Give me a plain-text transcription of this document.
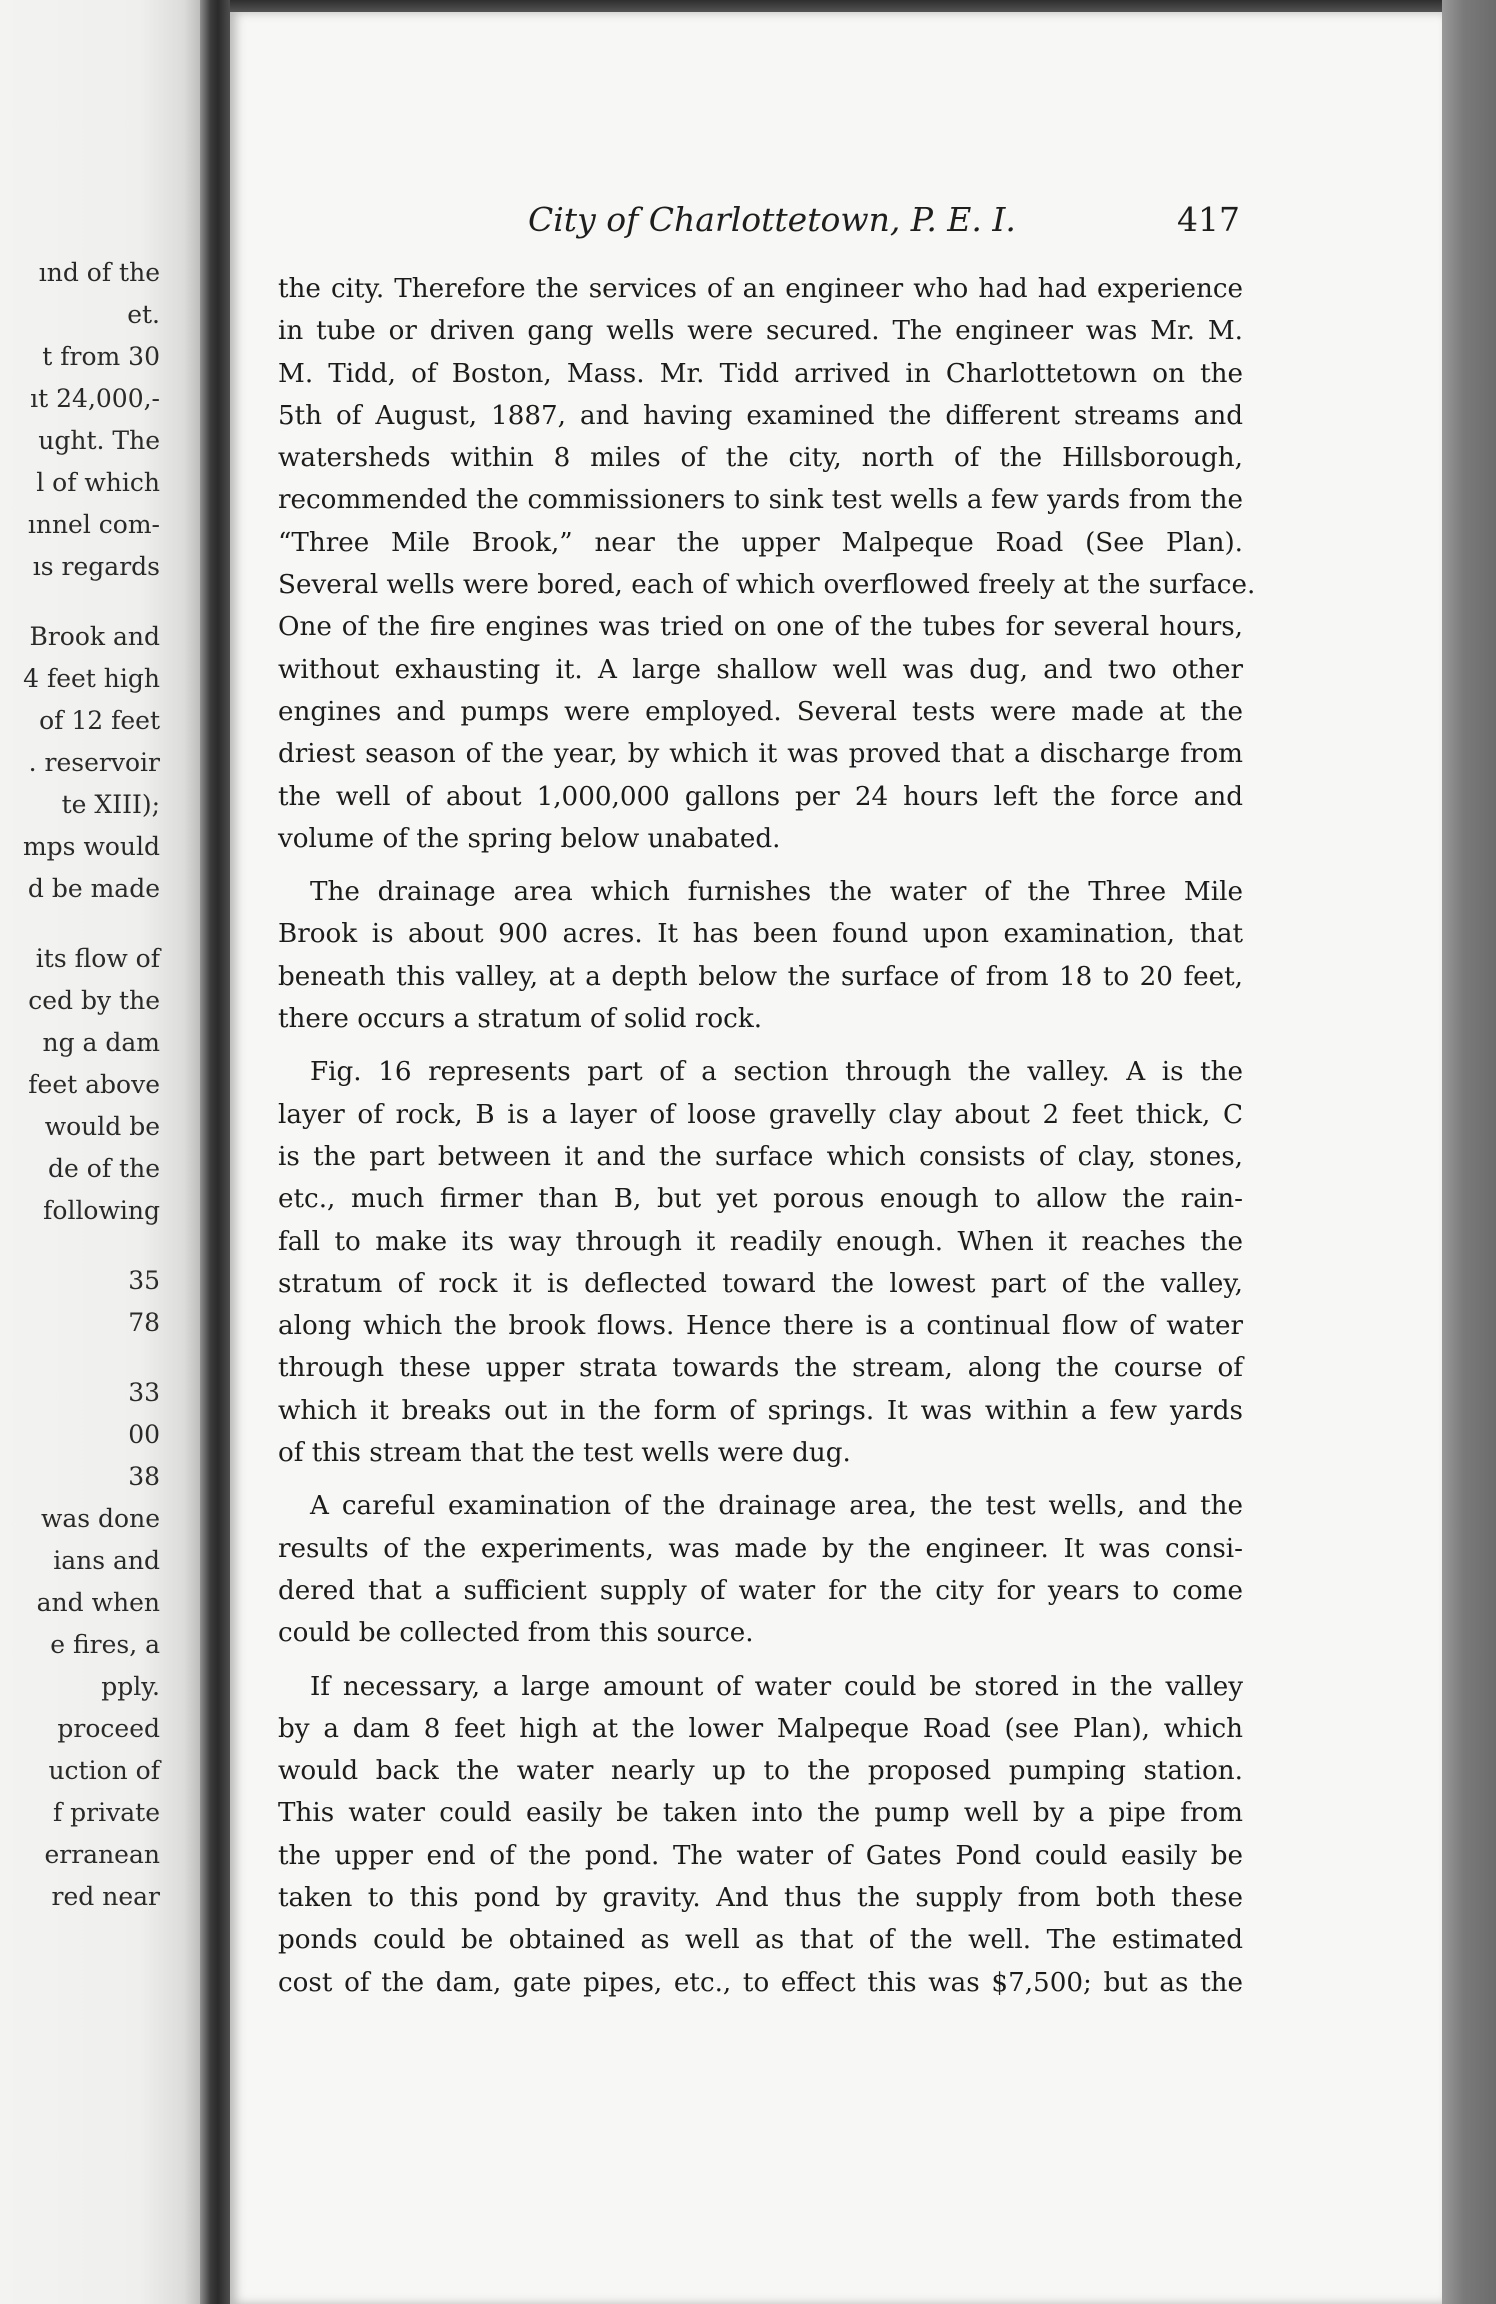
ınd of the
et.
t from 30
ıt 24,000,-
ught. The
l of which
ınnel com-
ıs regards
Brook and
4 feet high
of 12 feet
. reservoir
te XIII);
mps would
d be made
its flow of
ced by the
ng a dam
feet above
would be
de of the
following
35
78
33
00
38
was done
ians and
and when
e fires, a
pply.
proceed
uction of
f private
erranean
red near
City of Charlottetown, P. E. I.	417

the city. Therefore the services of an engineer who had had experience
in tube or driven gang wells were secured. The engineer was Mr. M.
M. Tidd, of Boston, Mass. Mr. Tidd arrived in Charlottetown on the
5th of August, 1887, and having examined the different streams and
watersheds within 8 miles of the city, north of the Hillsborough,
recommended the commissioners to sink test wells a few yards from the
“Three Mile Brook,” near the upper Malpeque Road (See Plan).
Several wells were bored, each of which overflowed freely at the surface.
One of the fire engines was tried on one of the tubes for several hours,
without exhausting it. A large shallow well was dug, and two other
engines and pumps were employed. Several tests were made at the
driest season of the year, by which it was proved that a discharge from
the well of about 1,000,000 gallons per 24 hours left the force and
volume of the spring below unabated.

The drainage area which furnishes the water of the Three Mile
Brook is about 900 acres. It has been found upon examination, that
beneath this valley, at a depth below the surface of from 18 to 20 feet,
there occurs a stratum of solid rock.

Fig. 16 represents part of a section through the valley. A is the
layer of rock, B is a layer of loose gravelly clay about 2 feet thick, C
is the part between it and the surface which consists of clay, stones,
etc., much firmer than B, but yet porous enough to allow the rain-
fall to make its way through it readily enough. When it reaches the
stratum of rock it is deflected toward the lowest part of the valley,
along which the brook flows. Hence there is a continual flow of water
through these upper strata towards the stream, along the course of
which it breaks out in the form of springs. It was within a few yards
of this stream that the test wells were dug.

A careful examination of the drainage area, the test wells, and the
results of the experiments, was made by the engineer. It was consi-
dered that a sufficient supply of water for the city for years to come
could be collected from this source.

If necessary, a large amount of water could be stored in the valley
by a dam 8 feet high at the lower Malpeque Road (see Plan), which
would back the water nearly up to the proposed pumping station.
This water could easily be taken into the pump well by a pipe from
the upper end of the pond. The water of Gates Pond could easily be
taken to this pond by gravity. And thus the supply from both these
ponds could be obtained as well as that of the well. The estimated
cost of the dam, gate pipes, etc., to effect this was $7,500; but as the
